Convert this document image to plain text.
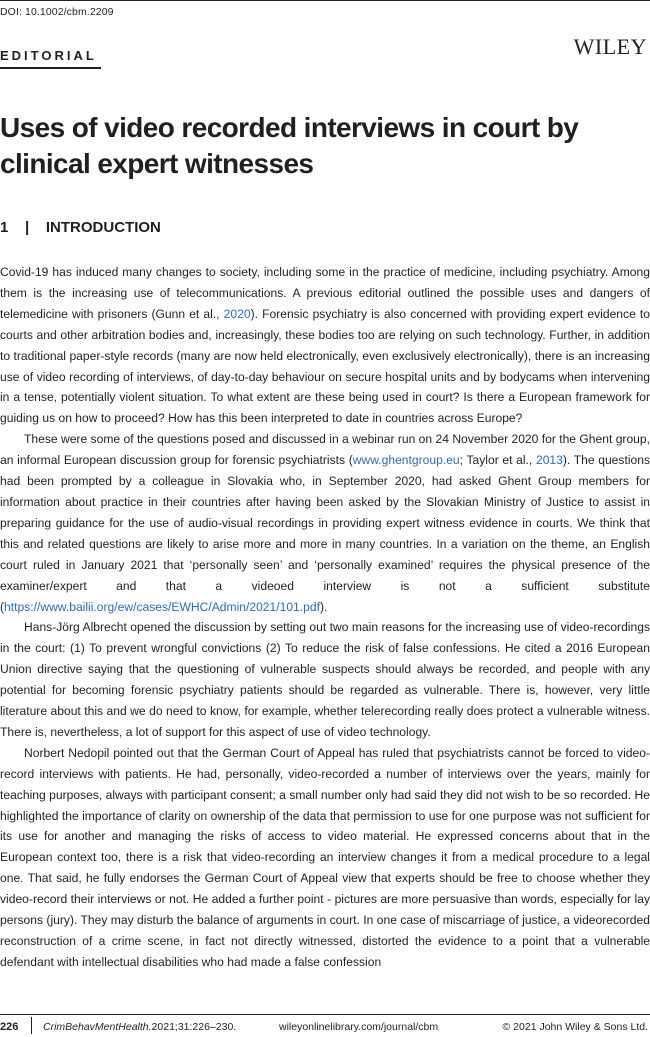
DOI: 10.1002/cbm.2209
EDITORIAL	WILEY
Uses of video recorded interviews in court by clinical expert witnesses
1 | INTRODUCTION

Covid-19 has induced many changes to society, including some in the practice of medicine, including psychiatry. Among them is the increasing use of telecommunications. A previous editorial outlined the possible uses and dangers of telemedicine with prisoners (Gunn et al., 2020). Forensic psychiatry is also concerned with providing expert evidence to courts and other arbitration bodies and, increasingly, these bodies too are relying on such technology. Further, in addition to traditional paper-style records (many are now held electronically, even exclusively electronically), there is an increasing use of video recording of interviews, of day-to-day behaviour on secure hospital units and by bodycams when intervening in a tense, potentially violent situation. To what extent are these being used in court? Is there a European framework for guiding us on how to proceed? How has this been interpreted to date in countries across Europe?

These were some of the questions posed and discussed in a webinar run on 24 November 2020 for the Ghent group, an informal European discussion group for forensic psychiatrists (www.ghentgroup.eu; Taylor et al., 2013). The questions had been prompted by a colleague in Slovakia who, in September 2020, had asked Ghent Group members for information about practice in their countries after having been asked by the Slovakian Ministry of Justice to assist in preparing guidance for the use of audio-visual recordings in providing expert witness evidence in courts. We think that this and related questions are likely to arise more and more in many countries. In a variation on the theme, an English court ruled in January 2021 that ‘personally seen’ and ‘personally examined’ requires the physical presence of the examiner/expert and that a videoed interview is not a sufficient substitute (https://www.bailii.org/ew/cases/EWHC/Admin/2021/101.pdf).

Hans-Jörg Albrecht opened the discussion by setting out two main reasons for the increasing use of video-recordings in the court: (1) To prevent wrongful convictions (2) To reduce the risk of false confessions. He cited a 2016 European Union directive saying that the questioning of vulnerable suspects should always be recorded, and people with any potential for becoming forensic psychiatry patients should be regarded as vulnerable. There is, however, very little literature about this and we do need to know, for example, whether telerecording really does protect a vulnerable witness. There is, nevertheless, a lot of support for this aspect of use of video technology.

Norbert Nedopil pointed out that the German Court of Appeal has ruled that psychiatrists cannot be forced to video-record interviews with patients. He had, personally, video-recorded a number of interviews over the years, mainly for teaching purposes, always with participant consent; a small number only had said they did not wish to be so recorded. He highlighted the importance of clarity on ownership of the data that permission to use for one purpose was not sufficient for its use for another and managing the risks of access to video material. He expressed concerns about that in the European context too, there is a risk that video-recording an interview changes it from a medical procedure to a legal one. That said, he fully endorses the German Court of Appeal view that experts should be free to choose whether they video-record their interviews or not. He added a further point - pictures are more persuasive than words, especially for lay persons (jury). They may disturb the balance of arguments in court. In one case of miscarriage of justice, a videorecorded reconstruction of a crime scene, in fact not directly witnessed, distorted the evidence to a point that a vulnerable defendant with intellectual disabilities who had made a false confession

226 CrimBehavMentHealth.2021;31:226–230.	wileyonlinelibrary.com/journal/cbm	© 2021 John Wiley & Sons Ltd.
